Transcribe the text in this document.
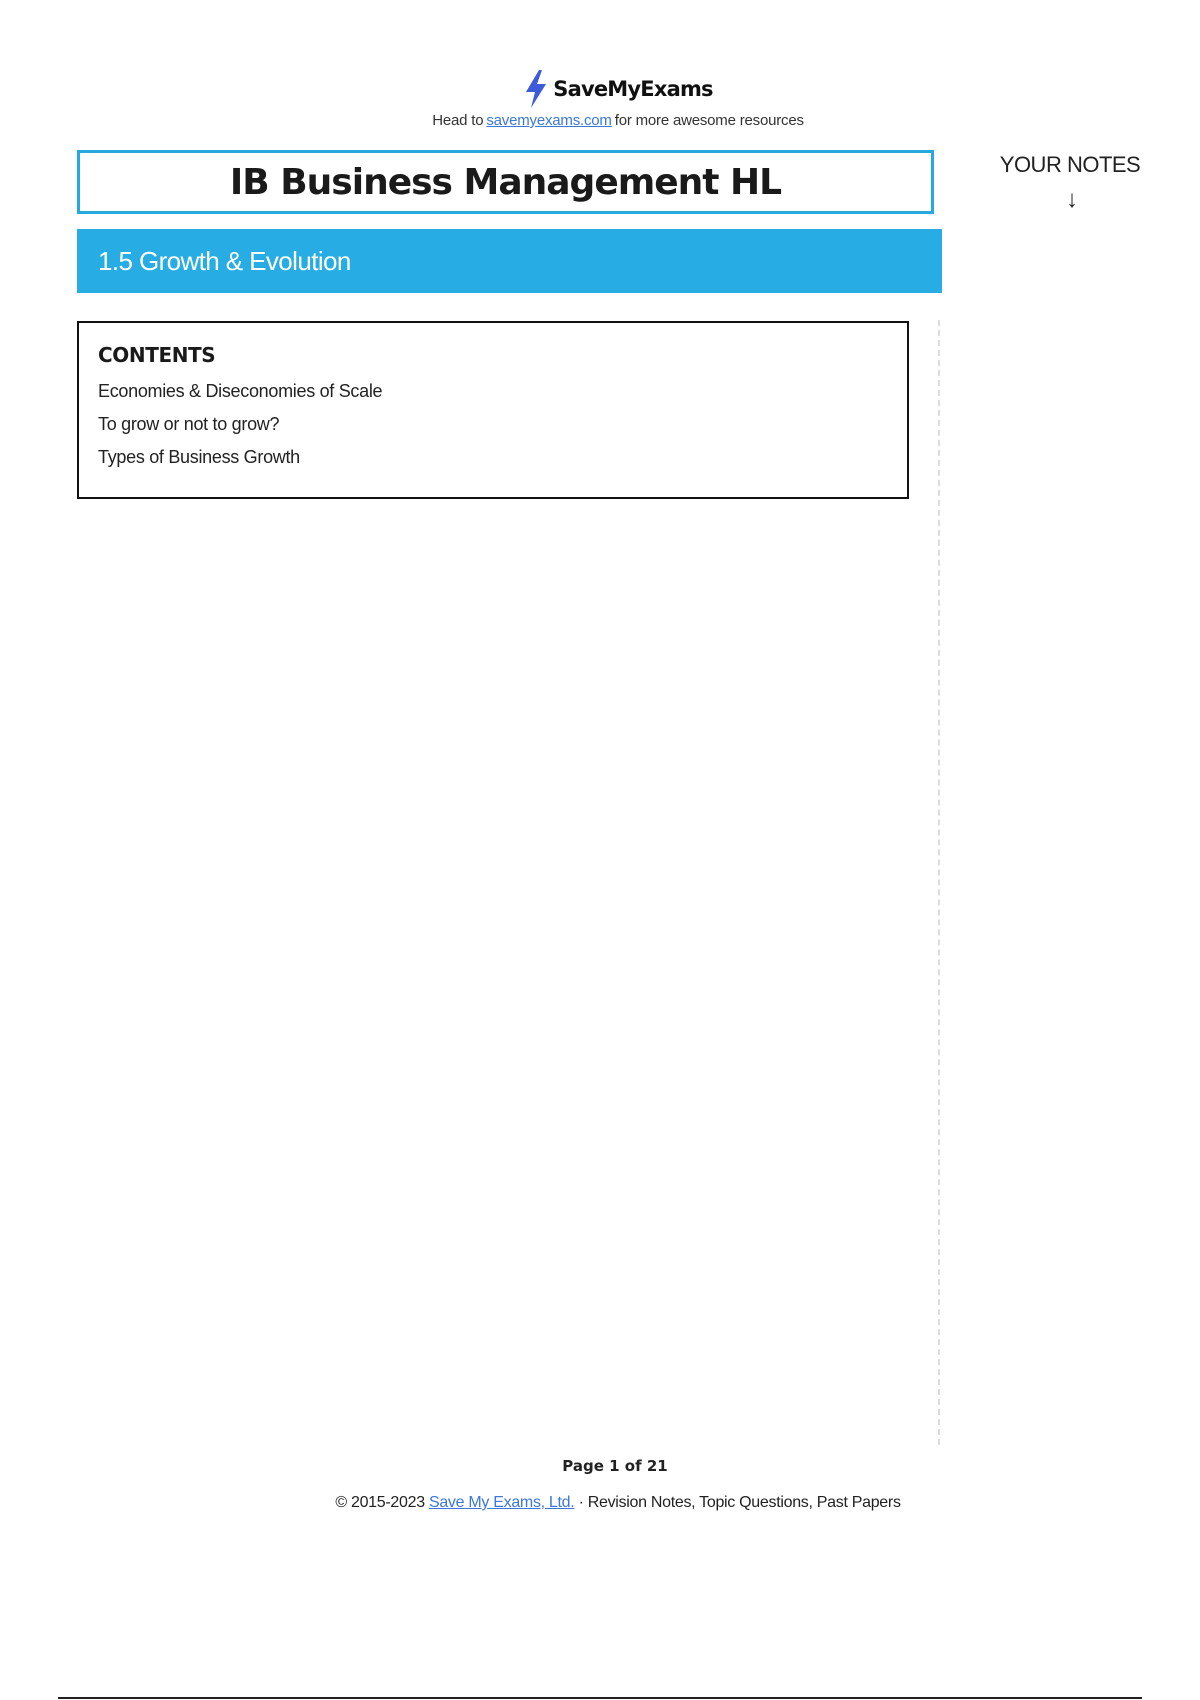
SaveMyExams
Head to savemyexams.com for more awesome resources
IB Business Management HL
1.5 Growth & Evolution
YOUR NOTES
↓
CONTENTS
Economies & Diseconomies of Scale
To grow or not to grow?
Types of Business Growth
Page 1 of 21
© 2015-2023 Save My Exams, Ltd. · Revision Notes, Topic Questions, Past Papers
